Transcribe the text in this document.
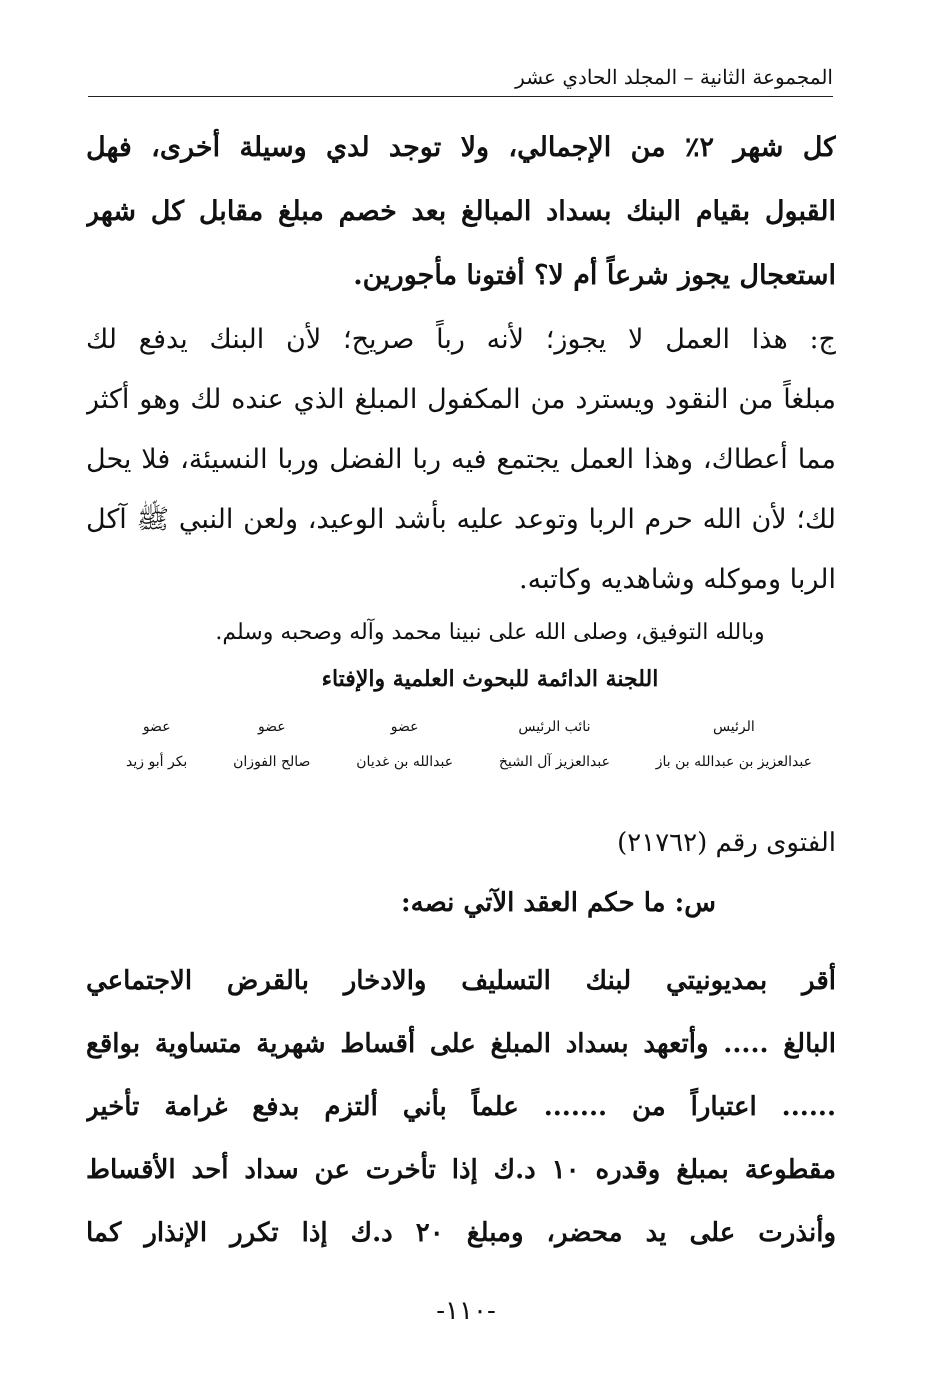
المجموعة الثانية – المجلد الحادي عشر
كل شهر ٢٪ من الإجمالي، ولا توجد لدي وسيلة أخرى، فهل
القبول بقيام البنك بسداد المبالغ بعد خصم مبلغ مقابل كل شهر
استعجال يجوز شرعاً أم لا؟ أفتونا مأجورين.
ج: هذا العمل لا يجوز؛ لأنه رباً صريح؛ لأن البنك يدفع لك
مبلغاً من النقود ويسترد من المكفول المبلغ الذي عنده لك وهو أكثر
مما أعطاك، وهذا العمل يجتمع فيه ربا الفضل وربا النسيئة، فلا يحل
لك؛ لأن الله حرم الربا وتوعد عليه بأشد الوعيد، ولعن النبي ﷺ آكل
الربا وموكله وشاهديه وكاتبه.
وبالله التوفيق، وصلى الله على نبينا محمد وآله وصحبه وسلم.
اللجنة الدائمة للبحوث العلمية والإفتاء
الرئيس
عبدالعزيز بن عبدالله بن باز
نائب الرئيس
عبدالعزيز آل الشيخ
عضو
عبدالله بن غديان
عضو
صالح الفوزان
عضو
بكر أبو زيد
الفتوى رقم (٢١٧٦٢)
س: ما حكم العقد الآتي نصه:
أقر بمديونيتي لبنك التسليف والادخار بالقرض الاجتماعي
البالغ ..... وأتعهد بسداد المبلغ على أقساط شهرية متساوية بواقع
...... اعتباراً من ....... علماً بأني ألتزم بدفع غرامة تأخير
مقطوعة بمبلغ وقدره ١٠ د.ك إذا تأخرت عن سداد أحد الأقساط
وأنذرت على يد محضر، ومبلغ ٢٠ د.ك إذا تكرر الإنذار كما
-١١٠-
